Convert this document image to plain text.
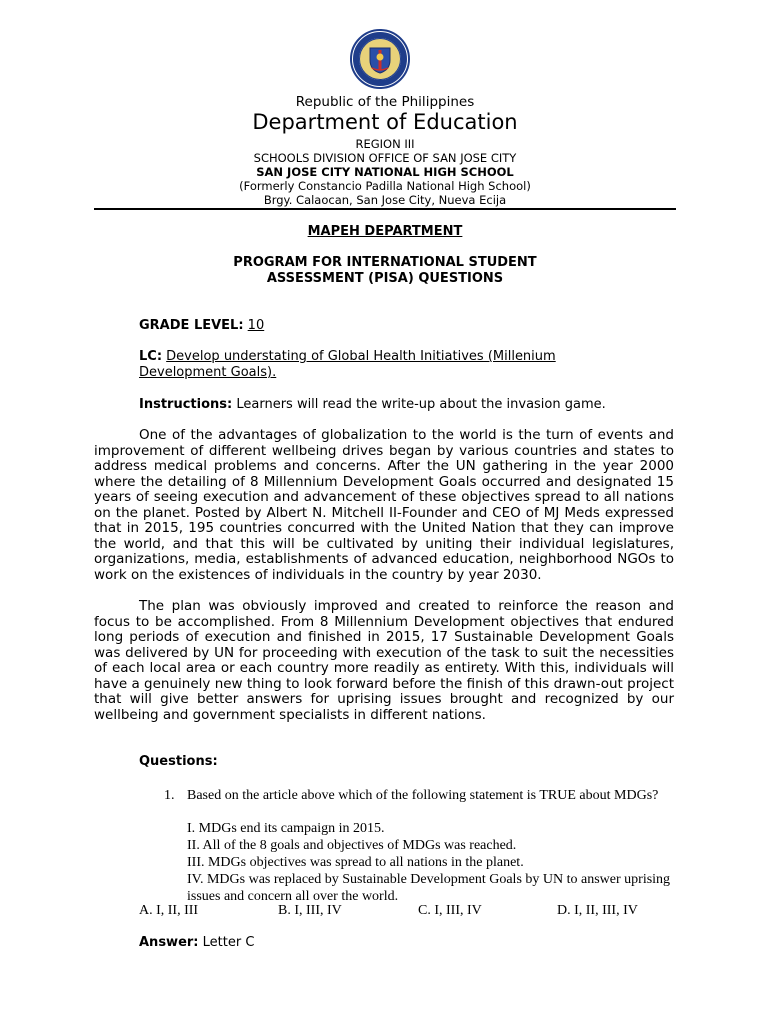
Republic of the Philippines
Department of Education
REGION III
SCHOOLS DIVISION OFFICE OF SAN JOSE CITY
SAN JOSE CITY NATIONAL HIGH SCHOOL
(Formerly Constancio Padilla National High School)
Brgy. Calaocan, San Jose City, Nueva Ecija
MAPEH DEPARTMENT
PROGRAM FOR INTERNATIONAL STUDENT
ASSESSMENT (PISA) QUESTIONS
GRADE LEVEL: 10
LC: Develop understating of Global Health Initiatives (Millenium Development Goals).
Instructions: Learners will read the write-up about the invasion game.
One of the advantages of globalization to the world is the turn of events and improvement of different wellbeing drives began by various countries and states to address medical problems and concerns. After the UN gathering in the year 2000 where the detailing of 8 Millennium Development Goals occurred and designated 15 years of seeing execution and advancement of these objectives spread to all nations on the planet. Posted by Albert N. Mitchell II-Founder and CEO of MJ Meds expressed that in 2015, 195 countries concurred with the United Nation that they can improve the world, and that this will be cultivated by uniting their individual legislatures, organizations, media, establishments of advanced education, neighborhood NGOs to work on the existences of individuals in the country by year 2030.
The plan was obviously improved and created to reinforce the reason and focus to be accomplished. From 8 Millennium Development objectives that endured long periods of execution and finished in 2015, 17 Sustainable Development Goals was delivered by UN for proceeding with execution of the task to suit the necessities of each local area or each country more readily as entirety. With this, individuals will have a genuinely new thing to look forward before the finish of this drawn-out project that will give better answers for uprising issues brought and recognized by our wellbeing and government specialists in different nations.
Questions:
1. Based on the article above which of the following statement is TRUE about MDGs?
I. MDGs end its campaign in 2015.
II. All of the 8 goals and objectives of MDGs was reached.
III. MDGs objectives was spread to all nations in the planet.
IV. MDGs was replaced by Sustainable Development Goals by UN to answer uprising issues and concern all over the world.
A. I, II, III	B. I, III, IV	C. I, III, IV	D. I, II, III, IV
Answer: Letter C
